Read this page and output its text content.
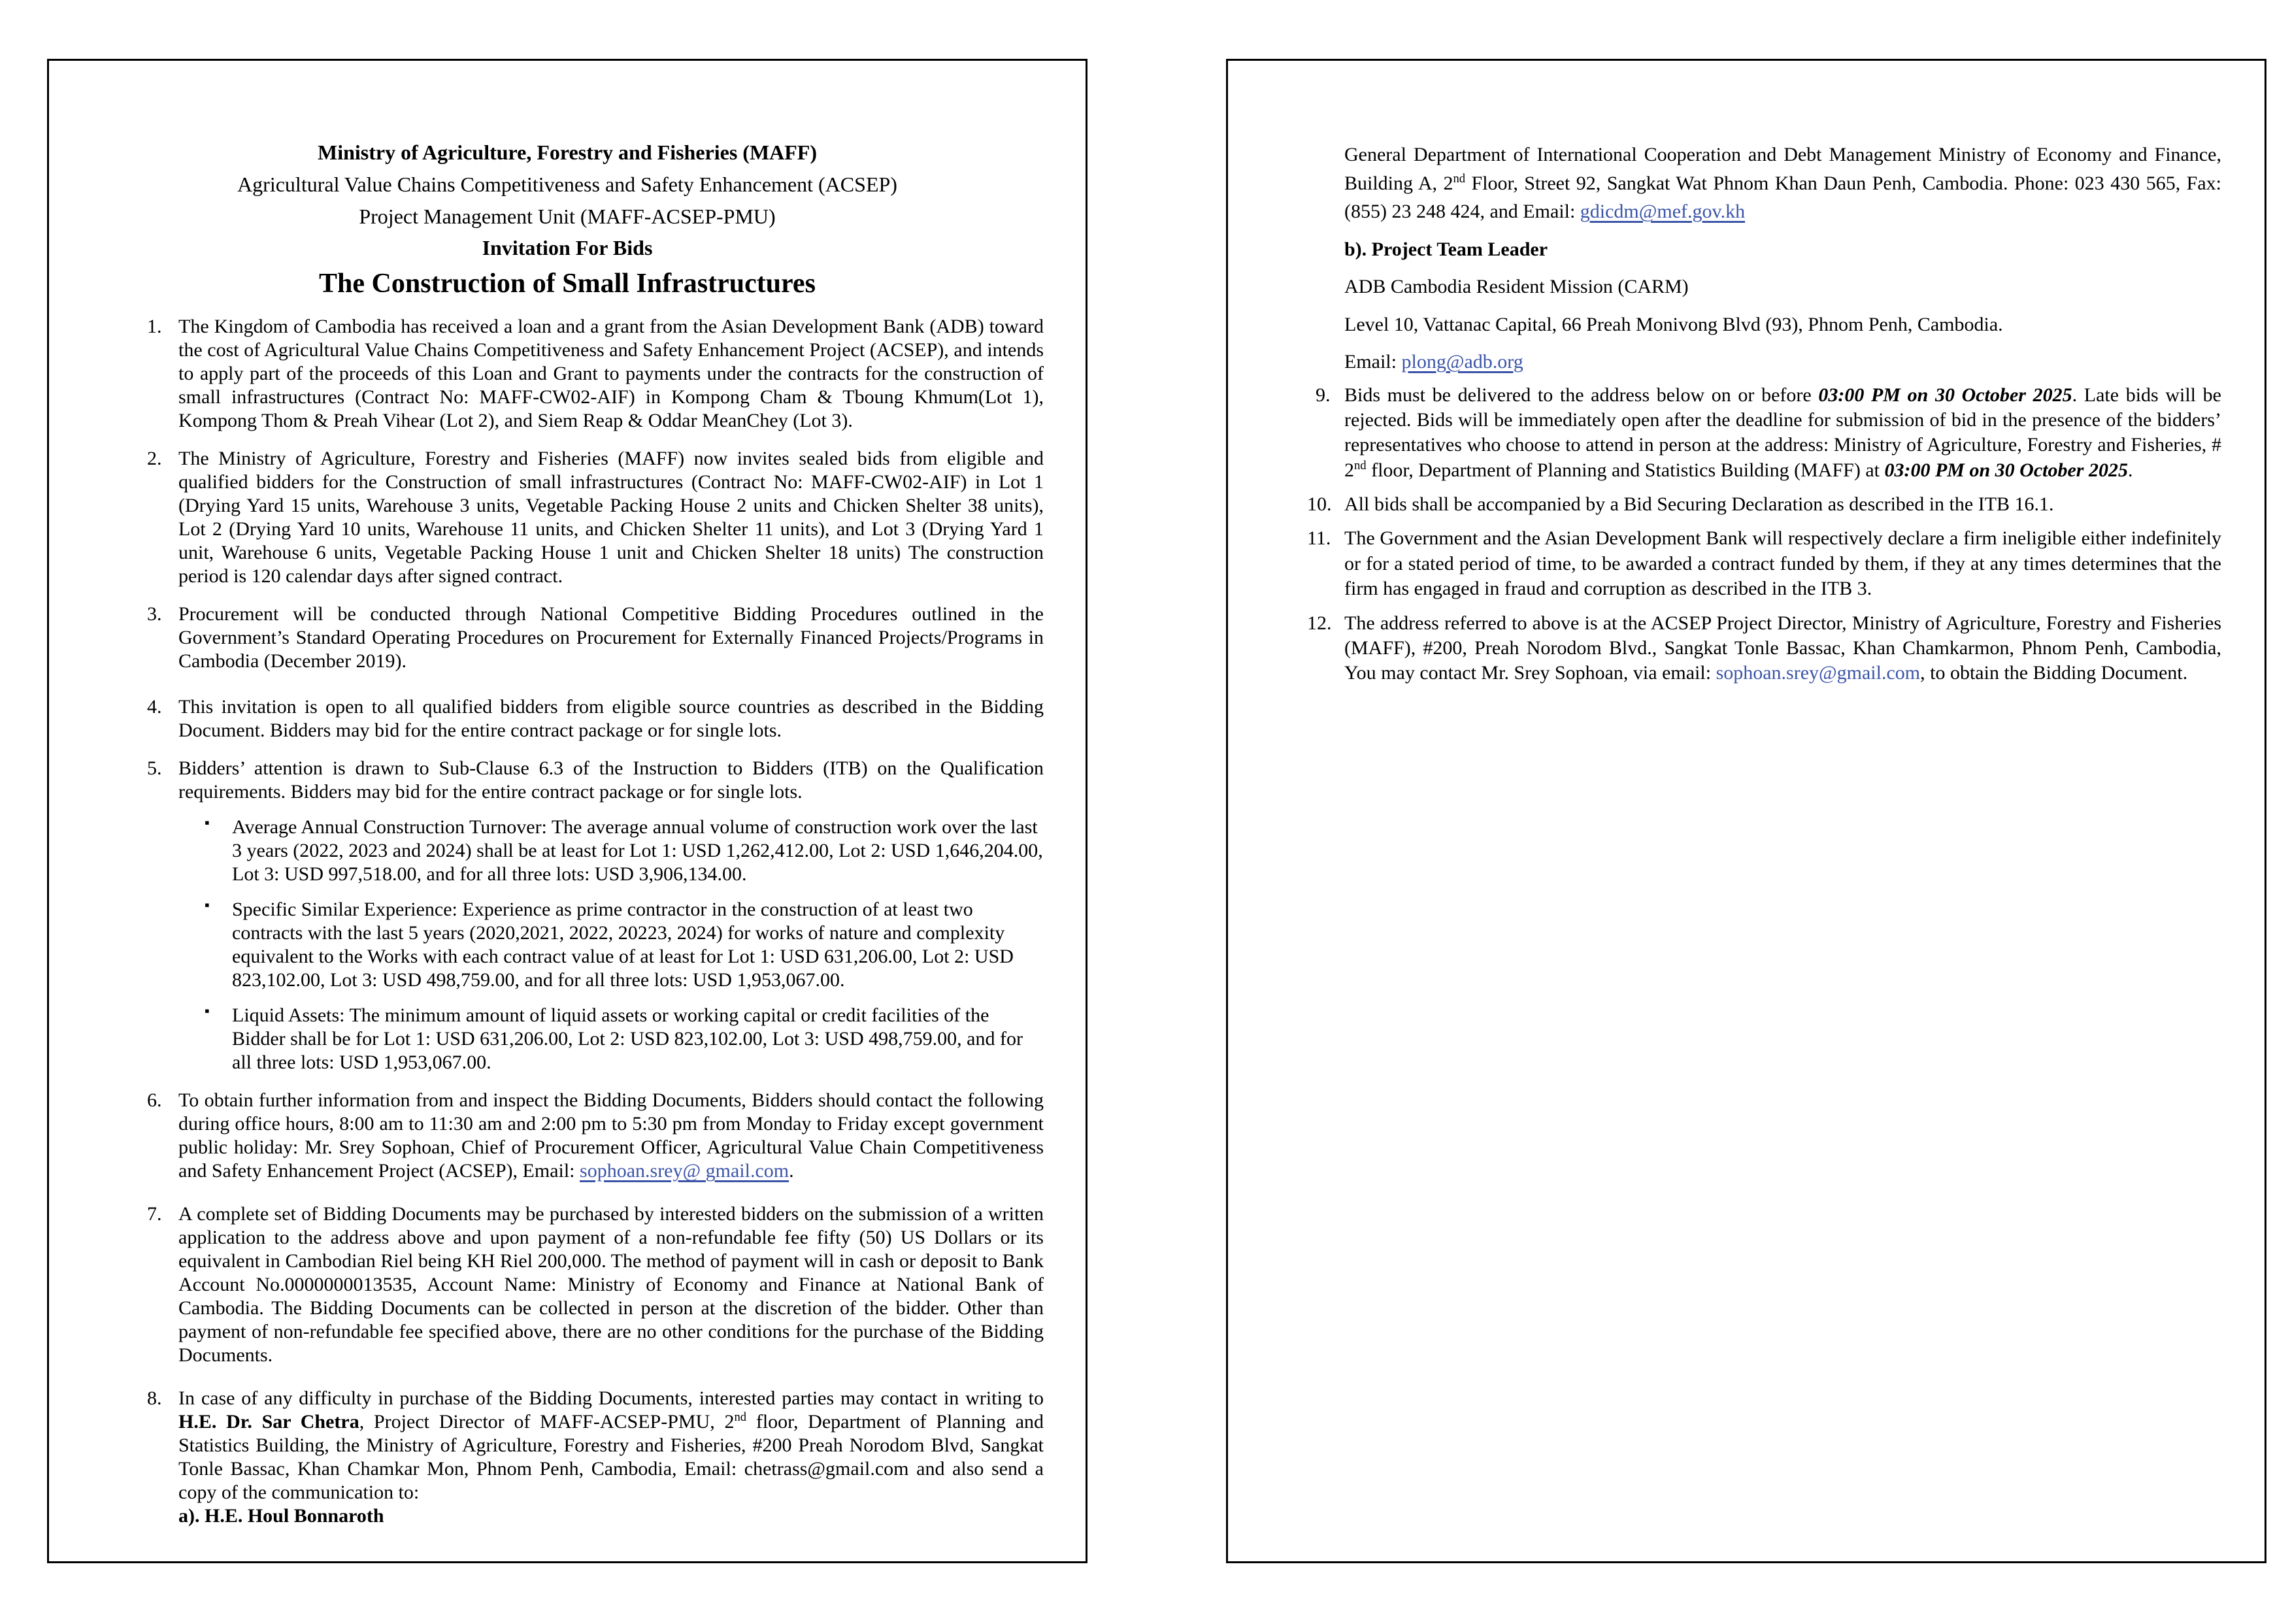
Ministry of Agriculture, Forestry and Fisheries (MAFF)

Agricultural Value Chains Competitiveness and Safety Enhancement (ACSEP)

Project Management Unit (MAFF-ACSEP-PMU)

Invitation For Bids

The Construction of Small Infrastructures

1. The Kingdom of Cambodia has received a loan and a grant from the Asian Development Bank (ADB) toward the cost of Agricultural Value Chains Competitiveness and Safety Enhancement Project (ACSEP), and intends to apply part of the proceeds of this Loan and Grant to payments under the contracts for the construction of small infrastructures (Contract No: MAFF-CW02-AIF) in Kompong Cham & Tboung Khmum(Lot 1), Kompong Thom & Preah Vihear (Lot 2), and Siem Reap & Oddar MeanChey (Lot 3).
2. The Ministry of Agriculture, Forestry and Fisheries (MAFF) now invites sealed bids from eligible and qualified bidders for the Construction of small infrastructures (Contract No: MAFF-CW02-AIF) in Lot 1 (Drying Yard 15 units, Warehouse 3 units, Vegetable Packing House 2 units and Chicken Shelter 38 units), Lot 2 (Drying Yard 10 units, Warehouse 11 units, and Chicken Shelter 11 units), and Lot 3 (Drying Yard 1 unit, Warehouse 6 units, Vegetable Packing House 1 unit and Chicken Shelter 18 units) The construction period is 120 calendar days after signed contract.
3. Procurement will be conducted through National Competitive Bidding Procedures outlined in the Government’s Standard Operating Procedures on Procurement for Externally Financed Projects/Programs in Cambodia (December 2019).
4. This invitation is open to all qualified bidders from eligible source countries as described in the Bidding Document. Bidders may bid for the entire contract package or for single lots.
5. Bidders’ attention is drawn to Sub-Clause 6.3 of the Instruction to Bidders (ITB) on the Qualification requirements. Bidders may bid for the entire contract package or for single lots.
▪ Average Annual Construction Turnover: The average annual volume of construction work over the last 3 years (2022, 2023 and 2024) shall be at least for Lot 1: USD 1,262,412.00, Lot 2: USD 1,646,204.00, Lot 3: USD 997,518.00, and for all three lots: USD 3,906,134.00.
▪ Specific Similar Experience: Experience as prime contractor in the construction of at least two contracts with the last 5 years (2020,2021, 2022, 20223, 2024) for works of nature and complexity equivalent to the Works with each contract value of at least for Lot 1: USD 631,206.00, Lot 2: USD 823,102.00, Lot 3: USD 498,759.00, and for all three lots: USD 1,953,067.00.
▪ Liquid Assets: The minimum amount of liquid assets or working capital or credit facilities of the Bidder shall be for Lot 1: USD 631,206.00, Lot 2: USD 823,102.00, Lot 3: USD 498,759.00, and for all three lots: USD 1,953,067.00.
6. To obtain further information from and inspect the Bidding Documents, Bidders should contact the following during office hours, 8:00 am to 11:30 am and 2:00 pm to 5:30 pm from Monday to Friday except government public holiday: Mr. Srey Sophoan, Chief of Procurement Officer, Agricultural Value Chain Competitiveness and Safety Enhancement Project (ACSEP), Email: sophoan.srey@ gmail.com.
7. A complete set of Bidding Documents may be purchased by interested bidders on the submission of a written application to the address above and upon payment of a non-refundable fee fifty (50) US Dollars or its equivalent in Cambodian Riel being KH Riel 200,000. The method of payment will in cash or deposit to Bank Account No.0000000013535, Account Name: Ministry of Economy and Finance at National Bank of Cambodia. The Bidding Documents can be collected in person at the discretion of the bidder. Other than payment of non-refundable fee specified above, there are no other conditions for the purchase of the Bidding Documents.
8. In case of any difficulty in purchase of the Bidding Documents, interested parties may contact in writing to H.E. Dr. Sar Chetra, Project Director of MAFF-ACSEP-PMU, 2nd floor, Department of Planning and Statistics Building, the Ministry of Agriculture, Forestry and Fisheries, #200 Preah Norodom Blvd, Sangkat Tonle Bassac, Khan Chamkar Mon, Phnom Penh, Cambodia, Email: chetrass@gmail.com and also send a copy of the communication to:
a). H.E. Houl Bonnaroth

General Department of International Cooperation and Debt Management Ministry of Economy and Finance, Building A, 2nd Floor, Street 92, Sangkat Wat Phnom Khan Daun Penh, Cambodia. Phone: 023 430 565, Fax: (855) 23 248 424, and Email: gdicdm@mef.gov.kh

b). Project Team Leader

ADB Cambodia Resident Mission (CARM)

Level 10, Vattanac Capital, 66 Preah Monivong Blvd (93), Phnom Penh, Cambodia.

Email: plong@adb.org

9. Bids must be delivered to the address below on or before 03:00 PM on 30 October 2025. Late bids will be rejected. Bids will be immediately open after the deadline for submission of bid in the presence of the bidders’ representatives who choose to attend in person at the address: Ministry of Agriculture, Forestry and Fisheries, # 2nd floor, Department of Planning and Statistics Building (MAFF) at 03:00 PM on 30 October 2025.
10. All bids shall be accompanied by a Bid Securing Declaration as described in the ITB 16.1.
11. The Government and the Asian Development Bank will respectively declare a firm ineligible either indefinitely or for a stated period of time, to be awarded a contract funded by them, if they at any times determines that the firm has engaged in fraud and corruption as described in the ITB 3.
12. The address referred to above is at the ACSEP Project Director, Ministry of Agriculture, Forestry and Fisheries (MAFF), #200, Preah Norodom Blvd., Sangkat Tonle Bassac, Khan Chamkarmon, Phnom Penh, Cambodia, You may contact Mr. Srey Sophoan, via email: sophoan.srey@gmail.com, to obtain the Bidding Document.
